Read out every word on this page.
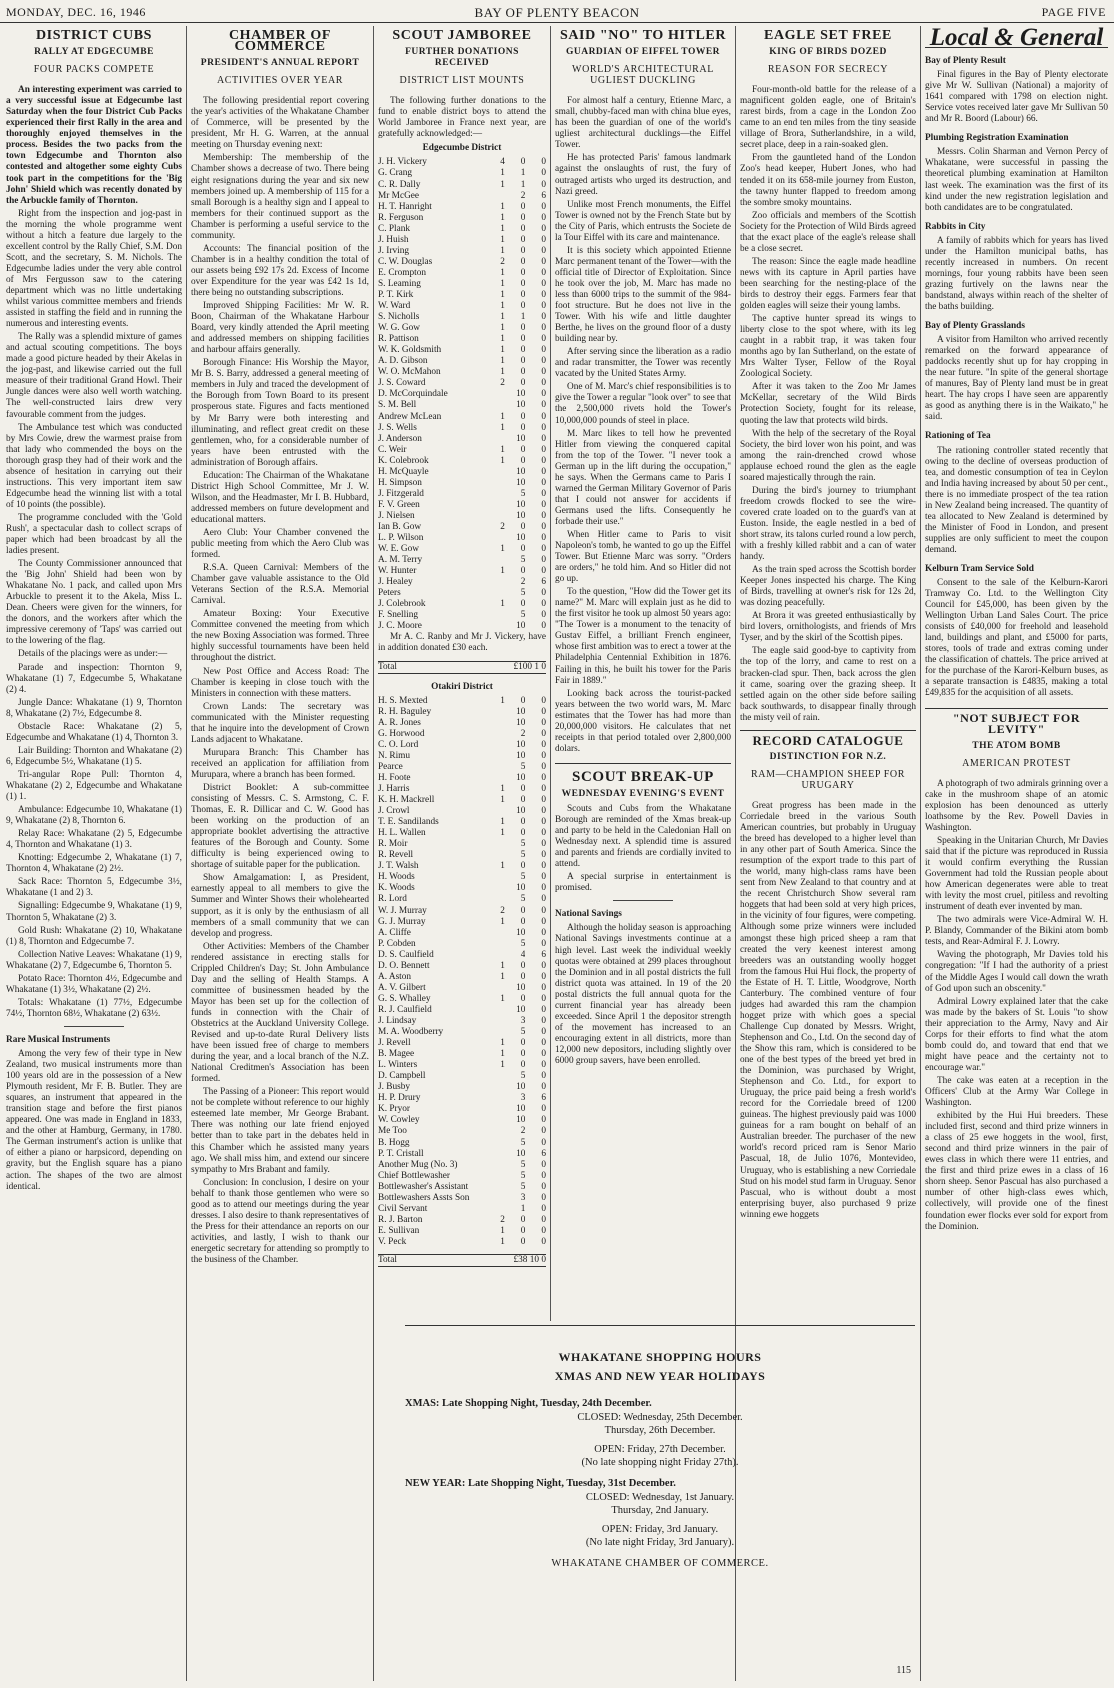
MONDAY, DEC. 16, 1946	BAY OF PLENTY BEACON	PAGE FIVE
DISTRICT CUBS
RALLY AT EDGECUMBE
FOUR PACKS COMPETE

An interesting experiment was carried to a very successful issue at Edgecumbe last Saturday when the four District Cub Packs experienced their first Rally in the area and thoroughly enjoyed themselves in the process. Besides the two packs from the town Edgecumbe and Thornton also contested and altogether some eighty Cubs took part in the competitions for the 'Big John' Shield which was recently donated by the Arbuckle family of Thornton.

Right from the inspection and jog-past in the morning the whole programme went without a hitch a feature due largely to the excellent control by the Rally Chief, S.M. Don Scott, and the secretary, S. M. Nichols. The Edgecumbe ladies under the very able control of Mrs Fergusson saw to the catering department which was no little undertaking whilst various committee members and friends assisted in staffing the field and in running the numerous and interesting events.

The Rally was a splendid mixture of games and actual scouting competitions. The boys made a good picture headed by their Akelas in the jog-past, and likewise carried out the full measure of their traditional Grand Howl. Their Jungle dances were also well worth watching. The well-constructed lairs drew very favourable comment from the judges.

The Ambulance test which was conducted by Mrs Cowie, drew the warmest praise from that lady who commended the boys on the thorough grasp they had of their work and the absence of hesitation in carrying out their instructions. This very important item saw Edgecumbe head the winning list with a total of 10 points (the possible).

The programme concluded with the 'Gold Rush', a spectacular dash to collect scraps of paper which had been broadcast by all the ladies present.

The County Commissioner announced that the 'Big John' Shield had been won by Whakatane No. 1 pack, and called upon Mrs Arbuckle to present it to the Akela, Miss L. Dean. Cheers were given for the winners, for the donors, and the workers after which the impressive ceremony of 'Taps' was carried out to the lowering of the flag.

Details of the placings were as under:—

Parade and inspection: Thornton 9, Whakatane (1) 7, Edgecumbe 5, Whakatane (2) 4.

Jungle Dance: Whakatane (1) 9, Thornton 8, Whakatane (2) 7½, Edgecumbe 8.

Obstacle Race: Whakatane (2) 5, Edgecumbe and Whakatane (1) 4, Thornton 3.

Lair Building: Thornton and Whakatane (2) 6, Edgecumbe 5½, Whakatane (1) 5.

Tri-angular Rope Pull: Thornton 4, Whakatane (2) 2, Edgecumbe and Whakatane (1) 1.

Ambulance: Edgecumbe 10, Whakatane (1) 9, Whakatane (2) 8, Thornton 6.

Relay Race: Whakatane (2) 5, Edgecumbe 4, Thornton and Whakatane (1) 3.

Knotting: Edgecumbe 2, Whakatane (1) 7, Thornton 4, Whakatane (2) 2½.

Sack Race: Thornton 5, Edgecumbe 3½, Whakatane (1 and 2) 3.

Signalling: Edgecumbe 9, Whakatane (1) 9, Thornton 5, Whakatane (2) 3.

Gold Rush: Whakatane (2) 10, Whakatane (1) 8, Thornton and Edgecumbe 7.

Collection Native Leaves: Whakatane (1) 9, Whakatane (2) 7, Edgecumbe 6, Thornton 5.

Potato Race: Thornton 4½, Edgecumbe and Whakatane (1) 3½, Whakatane (2) 2½.

Totals: Whakatane (1) 77½, Edgecumbe 74½, Thornton 68½, Whakatane (2) 63½.

Rare Musical Instruments

Among the very few of their type in New Zealand, two musical instruments more than 100 years old are in the possession of a New Plymouth resident, Mr F. B. Butler. They are squares, an instrument that appeared in the transition stage and before the first pianos appeared. One was made in England in 1833, and the other at Hamburg, Germany, in 1780. The German instrument's action is unlike that of either a piano or harpsicord, depending on gravity, but the English square has a piano action. The shapes of the two are almost identical.

CHAMBER OF COMMERCE
PRESIDENT'S ANNUAL REPORT
ACTIVITIES OVER YEAR

The following presidential report covering the year's activities of the Whakatane Chamber of Commerce, will be presented by the president, Mr H. G. Warren, at the annual meeting on Thursday evening next:

Membership: The membership of the Chamber shows a decrease of two. There being eight resignations during the year and six new members joined up. A membership of 115 for a small Borough is a healthy sign and I appeal to members for their continued support as the Chamber is performing a useful service to the community.

Accounts: The financial position of the Chamber is in a healthy condition the total of our assets being £92 17s 2d. Excess of Income over Expenditure for the year was £42 1s 1d, there being no outstanding subscriptions.

Improved Shipping Facilities: Mr W. R. Boon, Chairman of the Whakatane Harbour Board, very kindly attended the April meeting and addressed members on shipping facilities and harbour affairs generally.

Borough Finance: His Worship the Mayor, Mr B. S. Barry, addressed a general meeting of members in July and traced the development of the Borough from Town Board to its present prosperous state. Figures and facts mentioned by Mr Barry were both interesting and illuminating, and reflect great credit on these gentlemen, who, for a considerable number of years have been entrusted with the administration of Borough affairs.

Education: The Chairman of the Whakatane District High School Committee, Mr J. W. Wilson, and the Headmaster, Mr I. B. Hubbard, addressed members on future development and educational matters.

Aero Club: Your Chamber convened the public meeting from which the Aero Club was formed.

R.S.A. Queen Carnival: Members of the Chamber gave valuable assistance to the Old Veterans Section of the R.S.A. Memorial Carnival.

Amateur Boxing: Your Executive Committee convened the meeting from which the new Boxing Association was formed. Three highly successful tournaments have been held throughout the district.

New Post Office and Access Road: The Chamber is keeping in close touch with the Ministers in connection with these matters.

Crown Lands: The secretary was communicated with the Minister requesting that he inquire into the development of Crown Lands adjacent to Whakatane.

Murupara Branch: This Chamber has received an application for affiliation from Murupara, where a branch has been formed.

District Booklet: A sub-committee consisting of Messrs. C. S. Armstong, C. F. Thomas, E. R. Dillicar and C. W. Good has been working on the production of an appropriate booklet advertising the attractive features of the Borough and County. Some difficulty is being experienced owing to shortage of suitable paper for the publication.

Show Amalgamation: I, as President, earnestly appeal to all members to give the Summer and Winter Shows their wholehearted support, as it is only by the enthusiasm of all members of a small community that we can develop and progress.

Other Activities: Members of the Chamber rendered assistance in erecting stalls for Crippled Children's Day; St. John Ambulance Day and the selling of Health Stamps. A committee of businessmen headed by the Mayor has been set up for the collection of funds in connection with the Chair of Obstetrics at the Auckland University College. Revised and up-to-date Rural Delivery lists have been issued free of charge to members during the year, and a local branch of the N.Z. National Creditmen's Association has been formed.

The Passing of a Pioneer: This report would not be complete without reference to our highly esteemed late member, Mr George Brabant. There was nothing our late friend enjoyed better than to take part in the debates held in this Chamber which he assisted many years ago. We shall miss him, and extend our sincere sympathy to Mrs Brabant and family.

Conclusion: In conclusion, I desire on your behalf to thank those gentlemen who were so good as to attend our meetings during the year dresses. I also desire to thank representatives of the Press for their attendance an reports on our activities, and lastly, I wish to thank our energetic secretary for attending so promptly to the business of the Chamber.

SCOUT JAMBOREE
FURTHER DONATIONS RECEIVED
DISTRICT LIST MOUNTS

The following further donations to the fund to enable district boys to attend the World Jamboree in France next year, are gratefully acknowledged:—

Edgecumbe District
J. H. Vickery	4	0	0
G. Crang	1	1	0
C. R. Dally	1	1	0
Mr McGee		2	6
H. T. Hanright	1	0	0
R. Ferguson	1	0	0
C. Plank	1	0	0
J. Huish	1	0	0
J. Irving	1	0	0
C. W. Douglas	2	0	0
E. Crompton	1	0	0
S. Leaming	1	0	0
P. T. Kirk	1	0	0
W. Ward	1	0	0
S. Nicholls	1	1	0
W. G. Gow	1	0	0
R. Pattison	1	0	0
W. K. Goldsmith	1	0	0
A. D. Gibson	1	0	0
W. O. McMahon	1	0	0
J. S. Coward	2	0	0
D. McCorquindale		10	0
S. M. Bell		10	0
Andrew McLean	1	0	0
J. S. Wells	1	0	0
J. Anderson		10	0
C. Weir	1	0	0
K. Colebrook	1	0	0
H. McQuayle		10	0
H. Simpson		10	0
J. Fitzgerald		5	0
F. V. Green		10	0
J. Nielsen		10	0
Ian B. Gow	2	0	0
L. P. Wilson		10	0
W. E. Gow	1	0	0
A. M. Terry		5	0
W. Hunter	1	0	0
J. Healey		2	6
Peters		5	0
J. Colebrook	1	0	0
F. Snelling		5	0
J. C. Moore		10	0

Mr A. C. Ranby and Mr J. Vickery, have in addition donated £30 each.

Total	£100 1 0
Otakiri District
H. S. Mexted	1	0	0
R. H. Baguley		10	0
A. R. Jones		10	0
G. Horwood		2	0
C. O. Lord		10	0
N. Rimu		10	0
Pearce		5	0
H. Foote		10	0
J. Harris	1	0	0
K. H. Mackrell	1	0	0
J. Crowl		10	0
T. E. Sandilands	1	0	0
H. L. Wallen	1	0	0
R. Moir		5	0
R. Revell		5	0
J. T. Walsh	1	0	0
H. Woods		5	0
K. Woods		10	0
R. Lord		5	0
W. J. Murray	2	0	0
G. J. Murray	1	0	0
A. Cliffe		10	0
P. Cobden		5	0
D. S. Caulfield		4	6
D. O. Bennett	1	0	0
A. Aston	1	0	0
A. V. Gilbert		10	0
G. S. Whalley	1	0	0
R. J. Caulfield		10	0
J. Lindsay		3	0
M. A. Woodberry		5	0
J. Revell	1	0	0
B. Magee	1	0	0
L. Winters	1	0	0
D. Campbell		5	0
J. Busby		10	0
H. P. Drury		3	6
K. Pryor		10	0
W. Cowley		10	0
Me Too		2	0
B. Hogg		5	0
P. T. Cristall		10	6
Another Mug (No. 3)		5	0
Chief Bottlewasher		5	0
Bottlewasher's Assistant		5	0
Bottlewashers Assts Son		3	0
Civil Servant		1	0
R. J. Barton	2	0	0
E. Sullivan	1	0	0
V. Peck	1	0	0
Total	£38 10 0
SAID "NO" TO HITLER
GUARDIAN OF EIFFEL TOWER
WORLD'S ARCHITECTURAL UGLIEST DUCKLING

For almost half a century, Etienne Marc, a small, chubby-faced man with china blue eyes, has been the guardian of one of the world's ugliest architectural ducklings—the Eiffel Tower.

He has protected Paris' famous landmark against the onslaughts of rust, the fury of outraged artists who urged its destruction, and Nazi greed.

Unlike most French monuments, the Eiffel Tower is owned not by the French State but by the City of Paris, which entrusts the Societe de la Tour Eiffel with its care and maintenance.

It is this society which appointed Etienne Marc permanent tenant of the Tower—with the official title of Director of Exploitation. Since he took over the job, M. Marc has made no less than 6000 trips to the summit of the 984-foot structure. But he does not live in the Tower. With his wife and little daughter Berthe, he lives on the ground floor of a dusty building near by.

After serving since the liberation as a radio and radar transmitter, the Tower was recently vacated by the United States Army.

One of M. Marc's chief responsibilities is to give the Tower a regular "look over" to see that the 2,500,000 rivets hold the Tower's 10,000,000 pounds of steel in place.

M. Marc likes to tell how he prevented Hitler from viewing the conquered capital from the top of the Tower. "I never took a German up in the lift during the occupation," he says. When the Germans came to Paris I warned the German Military Governor of Paris that I could not answer for accidents if Germans used the lifts. Consequently he forbade their use."

When Hitler came to Paris to visit Napoleon's tomb, he wanted to go up the Eiffel Tower. But Etienne Marc was sorry. "Orders are orders," he told him. And so Hitler did not go up.

To the question, "How did the Tower get its name?" M. Marc will explain just as he did to the first visitor he took up almost 50 years ago: "The Tower is a monument to the tenacity of Gustav Eiffel, a brilliant French engineer, whose first ambition was to erect a tower at the Philadelphia Centennial Exhibition in 1876. Failing in this, he built his tower for the Paris Fair in 1889."

Looking back across the tourist-packed years between the two world wars, M. Marc estimates that the Tower has had more than 20,000,000 visitors. He calculates that net receipts in that period totaled over 2,800,000 dolars.

SCOUT BREAK-UP
WEDNESDAY EVENING'S EVENT

Scouts and Cubs from the Whakatane Borough are reminded of the Xmas break-up and party to be held in the Caledonian Hall on Wednesday next. A splendid time is assured and parents and friends are cordially invited to attend.

A special surprise in entertainment is promised.

National Savings

Although the holiday season is approaching National Savings investments continue at a high level. Last week the individual weekly quotas were obtained at 299 places throughout the Dominion and in all postal districts the full district quota was attained. In 19 of the 20 postal districts the full annual quota for the current financial year has already been exceeded. Since April 1 the depositor strength of the movement has increased to an encouraging extent in all districts, more than 12,000 new depositors, including slightly over 6000 group savers, have been enrolled.

EAGLE SET FREE
KING OF BIRDS DOZED
REASON FOR SECRECY

Four-month-old battle for the release of a magnificent golden eagle, one of Britain's rarest birds, from a cage in the London Zoo came to an end ten miles from the tiny seaside village of Brora, Sutherlandshire, in a wild, secret place, deep in a rain-soaked glen.

From the gauntleted hand of the London Zoo's head keeper, Hubert Jones, who had tended it on its 658-mile journey from Euston, the tawny hunter flapped to freedom among the sombre smoky mountains.

Zoo officials and members of the Scottish Society for the Protection of Wild Birds agreed that the exact place of the eagle's release shall be a close secret.

The reason: Since the eagle made headline news with its capture in April parties have been searching for the nesting-place of the birds to destroy their eggs. Farmers fear that golden eagles will seize their young lambs.

The captive hunter spread its wings to liberty close to the spot where, with its leg caught in a rabbit trap, it was taken four months ago by Ian Sutherland, on the estate of Mrs Walter Tyser, Fellow of the Royal Zoological Society.

After it was taken to the Zoo Mr James McKellar, secretary of the Wild Birds Protection Society, fought for its release, quoting the law that protects wild birds.

With the help of the secretary of the Royal Society, the bird lover won his point, and was among the rain-drenched crowd whose applause echoed round the glen as the eagle soared majestically through the rain.

During the bird's journey to triumphant freedom crowds flocked to see the wire-covered crate loaded on to the guard's van at Euston. Inside, the eagle nestled in a bed of short straw, its talons curled round a low perch, with a freshly killed rabbit and a can of water handy.

As the train sped across the Scottish border Keeper Jones inspected his charge. The King of Birds, travelling at owner's risk for 12s 2d, was dozing peacefully.

At Brora it was greeted enthusiastically by bird lovers, ornithologists, and friends of Mrs Tyser, and by the skirl of the Scottish pipes.

The eagle said good-bye to captivity from the top of the lorry, and came to rest on a bracken-clad spur. Then, back across the glen it came, soaring over the grazing sheep. It settled again on the other side before sailing back southwards, to disappear finally through the misty veil of rain.

RECORD CATALOGUE
DISTINCTION FOR N.Z.
RAM—CHAMPION SHEEP FOR URUGARY

Great progress has been made in the Corriedale breed in the various South American countries, but probably in Uruguay the breed has developed to a higher level than in any other part of South America. Since the resumption of the export trade to this part of the world, many high-class rams have been sent from New Zealand to that country and at the recent Christchurch Show several ram hoggets that had been sold at very high prices, in the vicinity of four figures, were competing. Although some prize winners were included amongst these high priced sheep a ram that created the very keenest interest among breeders was an outstanding woolly hogget from the famous Hui Hui flock, the property of the Estate of H. T. Little, Woodgrove, North Canterbury. The combined venture of four judges had awarded this ram the champion hogget prize with which goes a special Challenge Cup donated by Messrs. Wright, Stephenson and Co., Ltd. On the second day of the Show this ram, which is considered to be one of the best types of the breed yet bred in the Dominion, was purchased by Wright, Stephenson and Co. Ltd., for export to Uruguay, the price paid being a fresh world's record for the Corriedale breed of 1200 guineas. The highest previously paid was 1000 guineas for a ram bought on behalf of an Australian breeder. The purchaser of the new world's record priced ram is Senor Mario Pascual, 18, de Julio 1076, Montevideo, Uruguay, who is establishing a new Corriedale Stud on his model stud farm in Uruguay. Senor Pascual, who is without doubt a most enterprising buyer, also purchased 9 prize winning ewe hoggets

Local & General
Bay of Plenty Result

Final figures in the Bay of Plenty electorate give Mr W. Sullivan (National) a majority of 1641 compared with 1798 on election night. Service votes received later gave Mr Sullivan 50 and Mr R. Boord (Labour) 66.

Plumbing Registration Examination

Messrs. Colin Sharman and Vernon Percy of Whakatane, were successful in passing the theoretical plumbing examination at Hamilton last week. The examination was the first of its kind under the new registration legislation and both candidates are to be congratulated.

Rabbits in City

A family of rabbits which for years has lived under the Hamilton municipal baths, has recently increased in numbers. On recent mornings, four young rabbits have been seen grazing furtively on the lawns near the bandstand, always within reach of the shelter of the baths building.

Bay of Plenty Grasslands

A visitor from Hamilton who arrived recently remarked on the forward appearance of paddocks recently shut up for hay cropping in the near future. "In spite of the general shortage of manures, Bay of Plenty land must be in great heart. The hay crops I have seen are apparently as good as anything there is in the Waikato," he said.

Rationing of Tea

The rationing controller stated recently that owing to the decline of overseas production of tea, and domestic consumption of tea in Ceylon and India having increased by about 50 per cent., there is no immediate prospect of the tea ration in New Zealand being increased. The quantity of tea allocated to New Zealand is determined by the Minister of Food in London, and present supplies are only sufficient to meet the coupon demand.

Kelburn Tram Service Sold

Consent to the sale of the Kelburn-Karori Tramway Co. Ltd. to the Wellington City Council for £45,000, has been given by the Wellington Urban Land Sales Court. The price consists of £40,000 for freehold and leasehold land, buildings and plant, and £5000 for parts, stores, tools of trade and extras coming under the classification of chattels. The price arrived at for the purchase of the Karori-Kelburn buses, as a separate transaction is £4835, making a total £49,835 for the acquisition of all assets.

"NOT SUBJECT FOR LEVITY"
THE ATOM BOMB
AMERICAN PROTEST

A photograph of two admirals grinning over a cake in the mushroom shape of an atomic explosion has been denounced as utterly loathsome by the Rev. Powell Davies in Washington.

Speaking in the Unitarian Church, Mr Davies said that if the picture was reproduced in Russia it would confirm everything the Russian Government had told the Russian people about how American degenerates were able to treat with levity the most cruel, pitiless and revolting instrument of death ever invented by man.

The two admirals were Vice-Admiral W. H. P. Blandy, Commander of the Bikini atom bomb tests, and Rear-Admiral F. J. Lowry.

Waving the photograph, Mr Davies told his congregation: "If I had the authority of a priest of the Middle Ages I would call down the wrath of God upon such an obscenity."

Admiral Lowry explained later that the cake was made by the bakers of St. Louis "to show their appreciation to the Army, Navy and Air Corps for their efforts to find what the atom bomb could do, and toward that end that we might have peace and the certainty not to encourage war."

The cake was eaten at a reception in the Officers' Club at the Army War College in Washington.

exhibited by the Hui Hui breeders. These included first, second and third prize winners in a class of 25 ewe hoggets in the wool, first, second and third prize winners in the pair of ewes class in which there were 11 entries, and the first and third prize ewes in a class of 16 shorn sheep. Senor Pascual has also purchased a number of other high-class ewes which, collectively, will provide one of the finest foundation ewer flocks ever sold for export from the Dominion.

WHAKATANE SHOPPING HOURS
XMAS AND NEW YEAR HOLIDAYS
XMAS: Late Shopping Night, Tuesday, 24th December.
CLOSED: Wednesday, 25th December.
Thursday, 26th December.
OPEN: Friday, 27th December.
(No late shopping night Friday 27th).
NEW YEAR: Late Shopping Night, Tuesday, 31st December.
CLOSED: Wednesday, 1st January.
Thursday, 2nd January.
OPEN: Friday, 3rd January.
(No late night Friday, 3rd January).
WHAKATANE CHAMBER OF COMMERCE.
115
